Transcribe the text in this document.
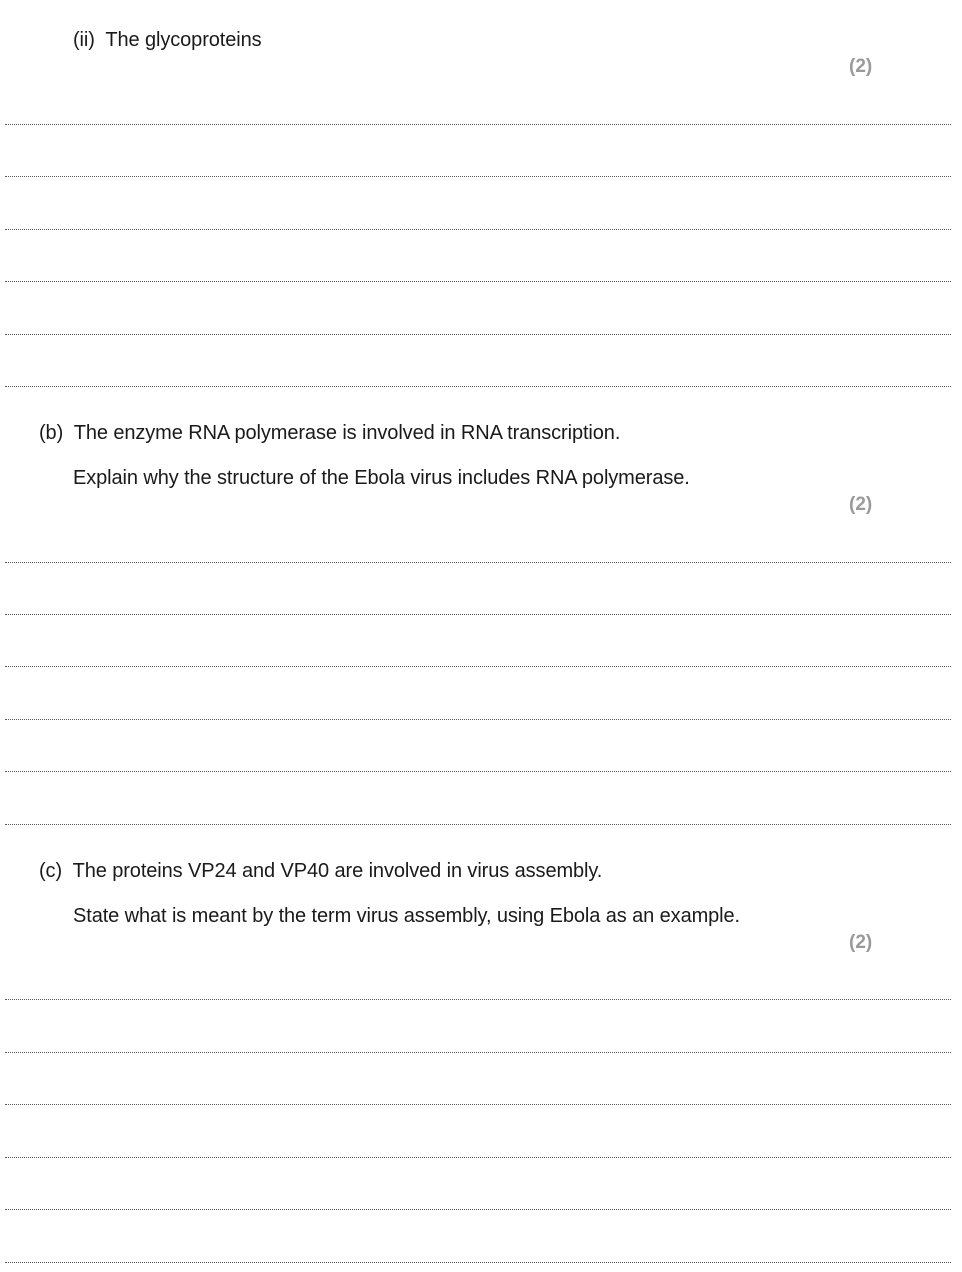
(ii) The glycoproteins
(2)
(b) The enzyme RNA polymerase is involved in RNA transcription.
Explain why the structure of the Ebola virus includes RNA polymerase.
(2)
(c) The proteins VP24 and VP40 are involved in virus assembly.
State what is meant by the term virus assembly, using Ebola as an example.
(2)
